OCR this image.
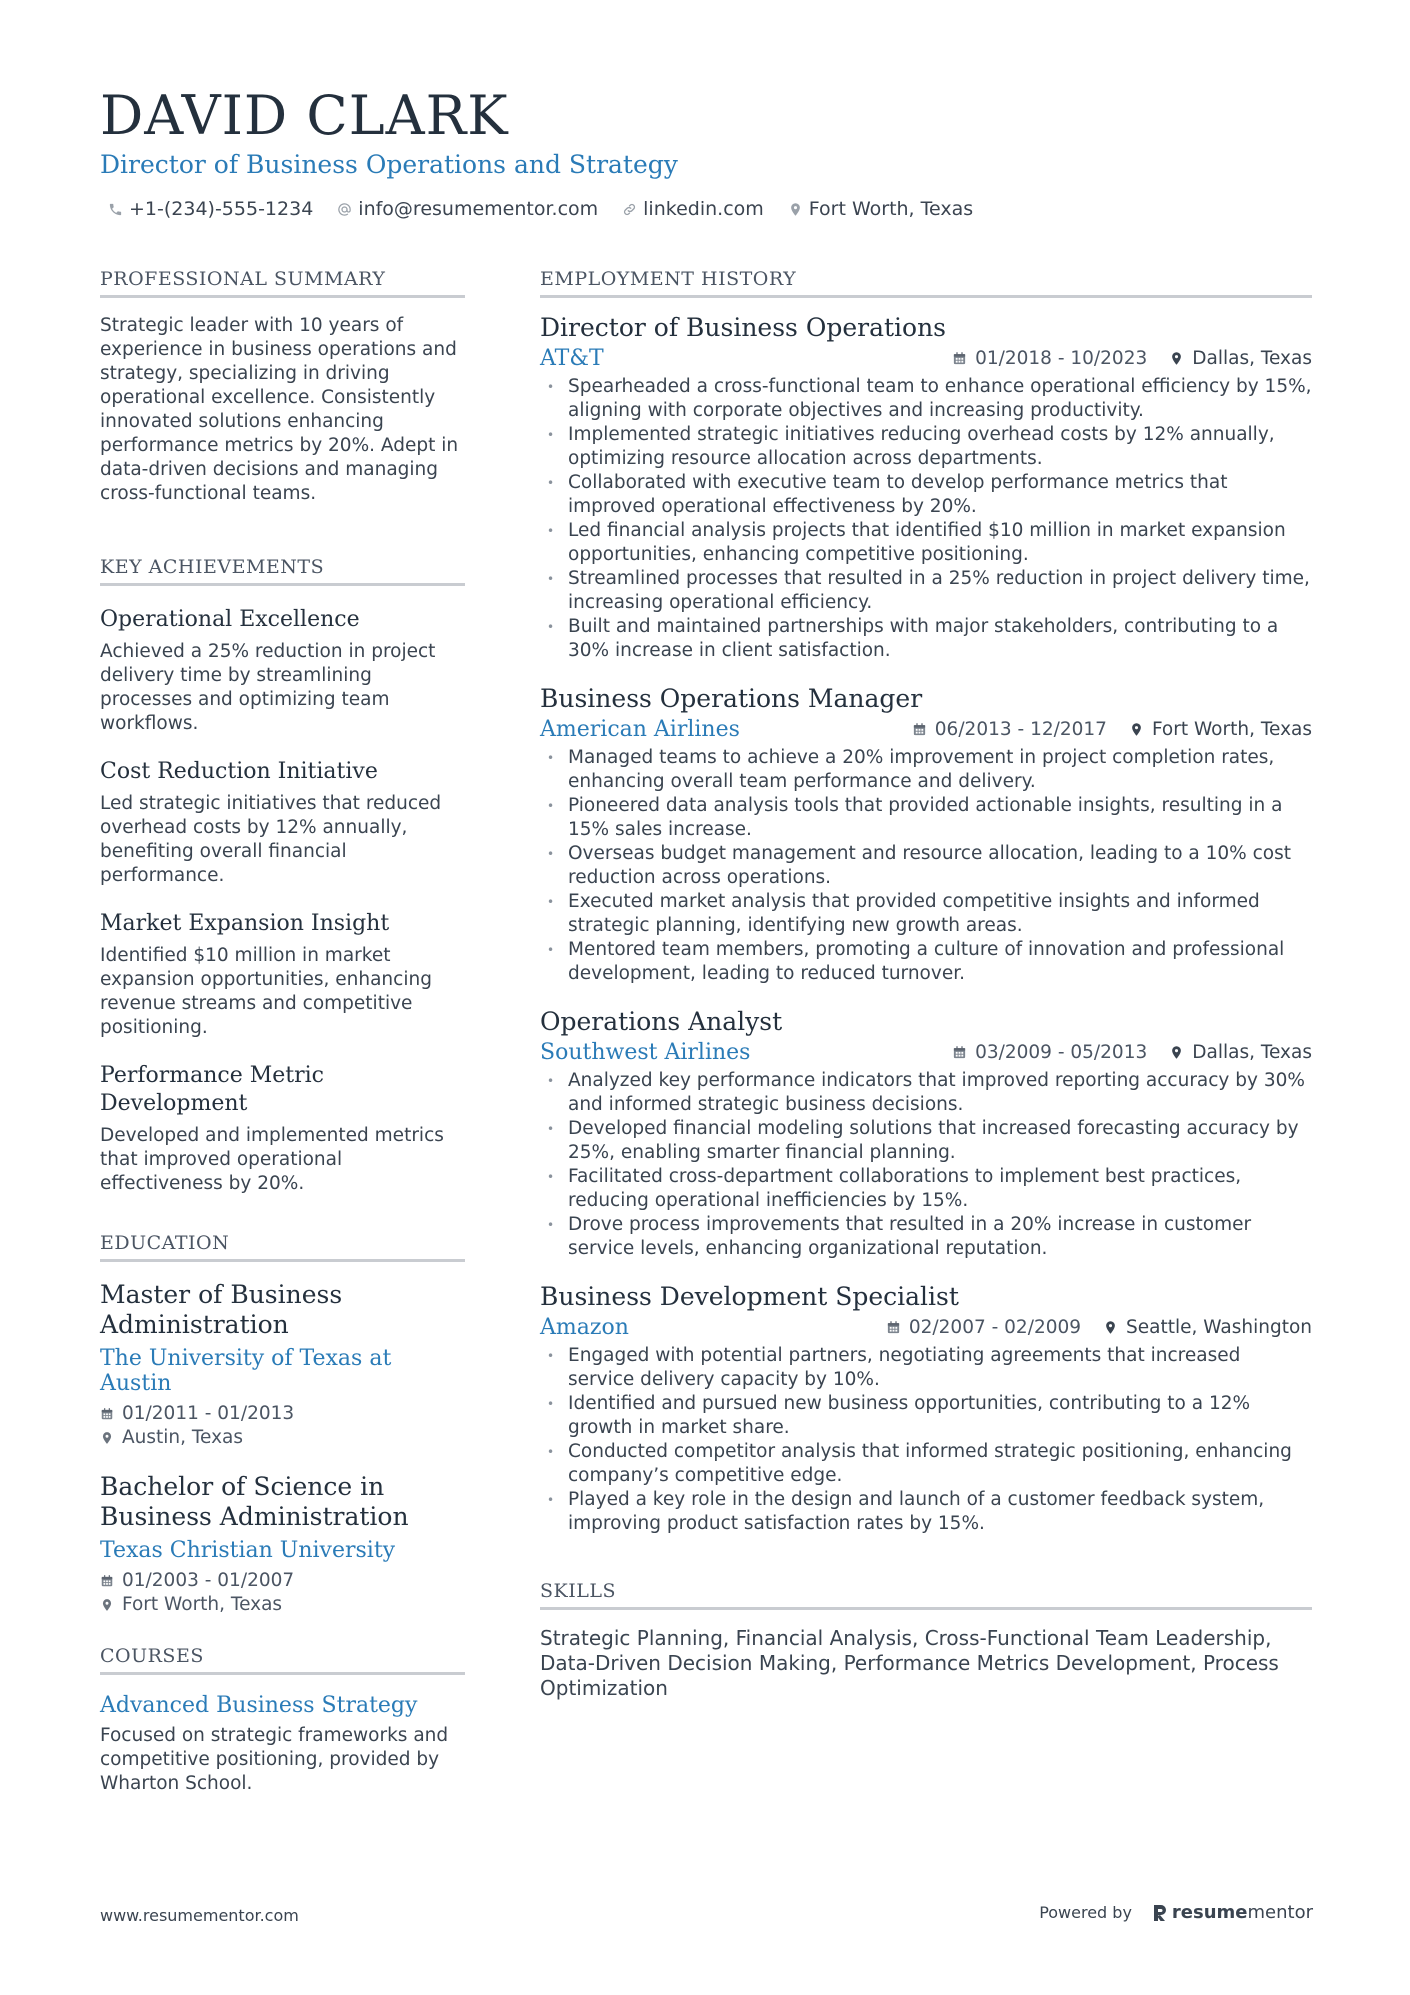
DAVID CLARK
Director of Business Operations and Strategy
+1-(234)-555-1234 info@resumementor.com linkedin.com Fort Worth, Texas
PROFESSIONAL SUMMARY
Strategic leader with 10 years of experience in business operations and strategy, specializing in driving operational excellence. Consistently innovated solutions enhancing performance metrics by 20%. Adept in data-driven decisions and managing cross-functional teams.
KEY ACHIEVEMENTS
Operational Excellence
Achieved a 25% reduction in project delivery time by streamlining processes and optimizing team workflows.
Cost Reduction Initiative
Led strategic initiatives that reduced overhead costs by 12% annually, benefiting overall financial performance.
Market Expansion Insight
Identified $10 million in market expansion opportunities, enhancing revenue streams and competitive positioning.
Performance Metric Development
Developed and implemented metrics that improved operational effectiveness by 20%.
EDUCATION
Master of Business Administration
The University of Texas at Austin
01/2011 - 01/2013
Austin, Texas
Bachelor of Science in Business Administration
Texas Christian University
01/2003 - 01/2007
Fort Worth, Texas
COURSES
Advanced Business Strategy
Focused on strategic frameworks and competitive positioning, provided by Wharton School.
EMPLOYMENT HISTORY
Director of Business Operations
AT&T	01/2018 - 10/2023 Dallas, Texas
• Spearheaded a cross-functional team to enhance operational efficiency by 15%, aligning with corporate objectives and increasing productivity.
• Implemented strategic initiatives reducing overhead costs by 12% annually, optimizing resource allocation across departments.
• Collaborated with executive team to develop performance metrics that improved operational effectiveness by 20%.
• Led financial analysis projects that identified $10 million in market expansion opportunities, enhancing competitive positioning.
• Streamlined processes that resulted in a 25% reduction in project delivery time, increasing operational efficiency.
• Built and maintained partnerships with major stakeholders, contributing to a 30% increase in client satisfaction.
Business Operations Manager
American Airlines	06/2013 - 12/2017 Fort Worth, Texas
• Managed teams to achieve a 20% improvement in project completion rates, enhancing overall team performance and delivery.
• Pioneered data analysis tools that provided actionable insights, resulting in a 15% sales increase.
• Overseas budget management and resource allocation, leading to a 10% cost reduction across operations.
• Executed market analysis that provided competitive insights and informed strategic planning, identifying new growth areas.
• Mentored team members, promoting a culture of innovation and professional development, leading to reduced turnover.
Operations Analyst
Southwest Airlines	03/2009 - 05/2013 Dallas, Texas
• Analyzed key performance indicators that improved reporting accuracy by 30% and informed strategic business decisions.
• Developed financial modeling solutions that increased forecasting accuracy by 25%, enabling smarter financial planning.
• Facilitated cross-department collaborations to implement best practices, reducing operational inefficiencies by 15%.
• Drove process improvements that resulted in a 20% increase in customer service levels, enhancing organizational reputation.
Business Development Specialist
Amazon	02/2007 - 02/2009 Seattle, Washington
• Engaged with potential partners, negotiating agreements that increased service delivery capacity by 10%.
• Identified and pursued new business opportunities, contributing to a 12% growth in market share.
• Conducted competitor analysis that informed strategic positioning, enhancing company’s competitive edge.
• Played a key role in the design and launch of a customer feedback system, improving product satisfaction rates by 15%.
SKILLS
Strategic Planning, Financial Analysis, Cross-Functional Team Leadership, Data-Driven Decision Making, Performance Metrics Development, Process Optimization
www.resumementor.com	Powered by resume mentor
